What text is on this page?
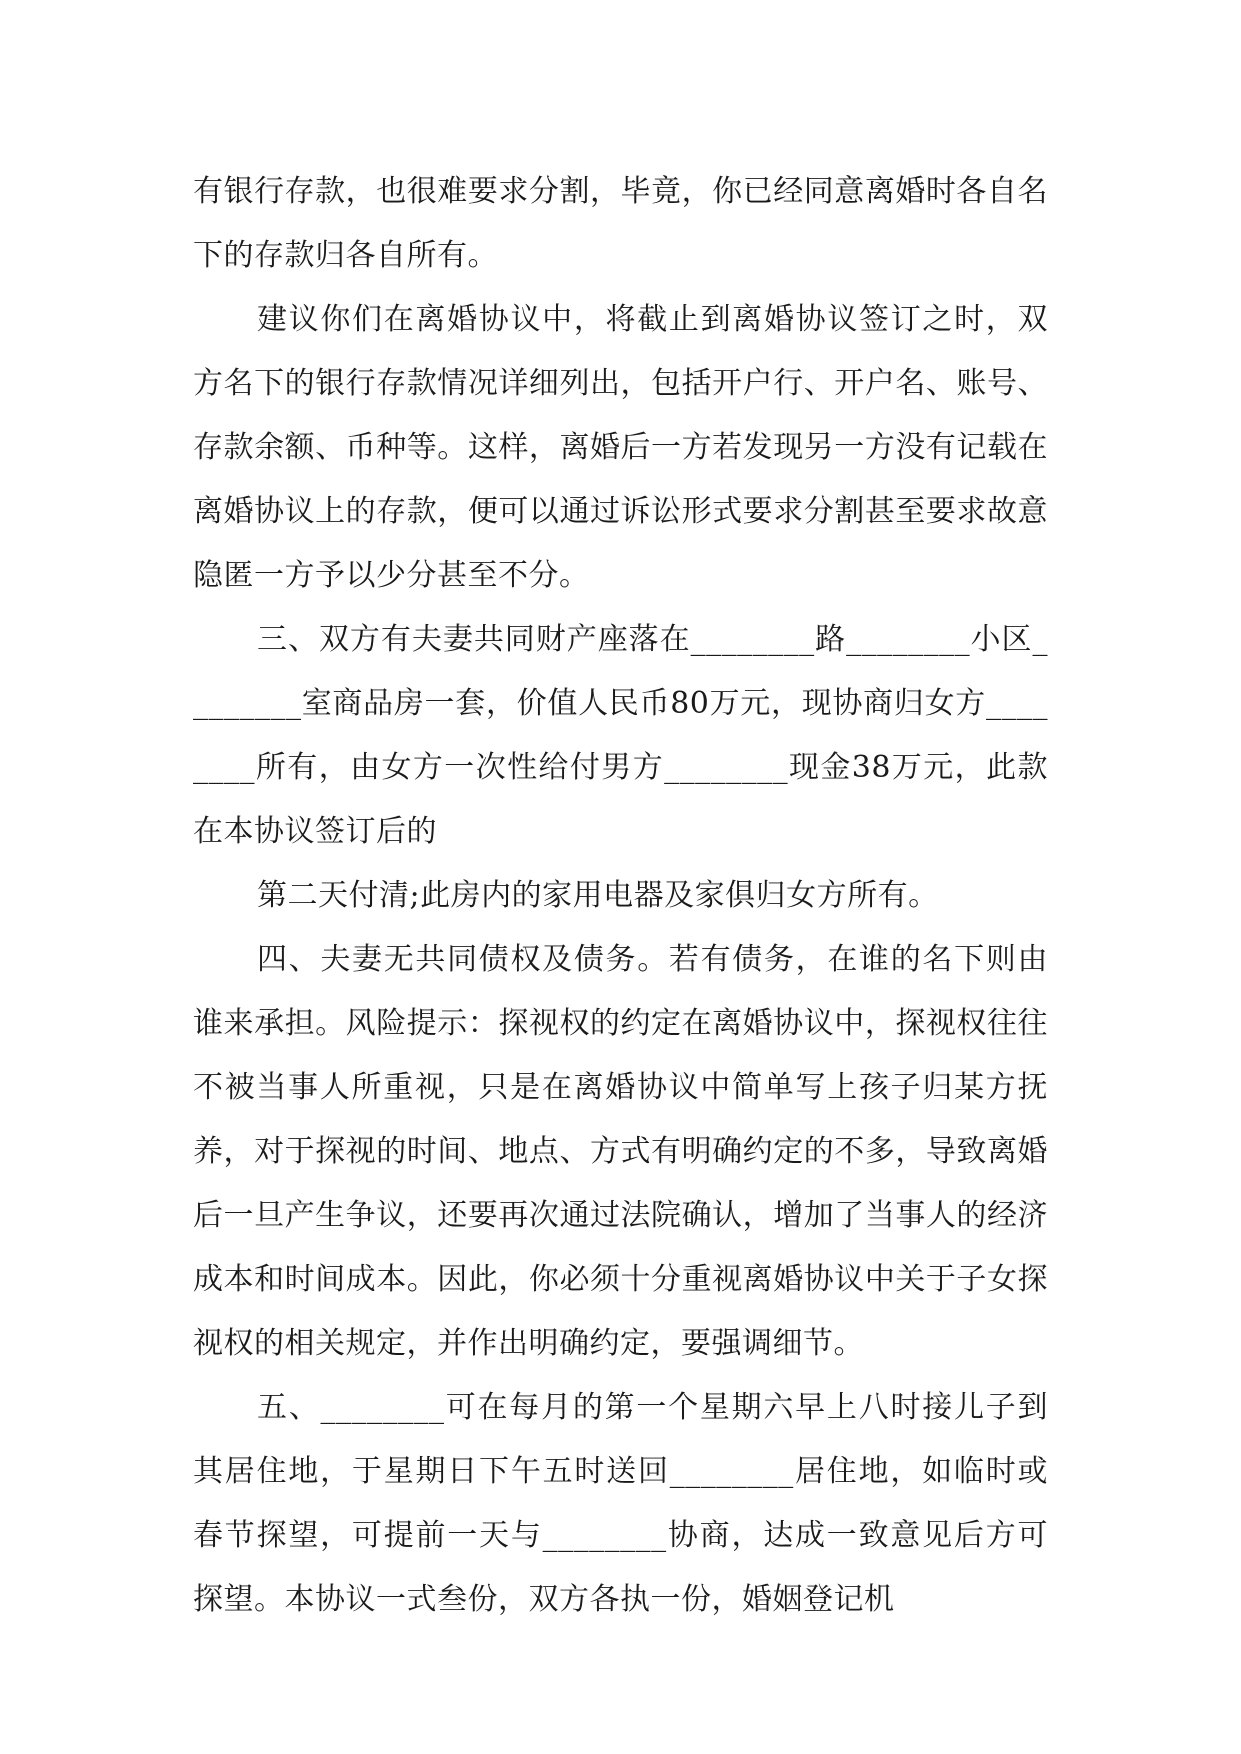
有银行存款，也很难要求分割，毕竟，你已经同意离婚时各自名下的存款归各自所有。

建议你们在离婚协议中，将截止到离婚协议签订之时，双方名下的银行存款情况详细列出，包括开户行、开户名、账号、存款余额、币种等。这样，离婚后一方若发现另一方没有记载在离婚协议上的存款，便可以通过诉讼形式要求分割甚至要求故意隐匿一方予以少分甚至不分。

三、双方有夫妻共同财产座落在________路________小区________室商品房一套，价值人民币80万元，现协商归女方________所有，由女方一次性给付男方________现金38万元，此款在本协议签订后的

第二天付清;此房内的家用电器及家俱归女方所有。

四、夫妻无共同债权及债务。若有债务，在谁的名下则由谁来承担。风险提示：探视权的约定在离婚协议中，探视权往往不被当事人所重视，只是在离婚协议中简单写上孩子归某方抚养，对于探视的时间、地点、方式有明确约定的不多，导致离婚后一旦产生争议，还要再次通过法院确认，增加了当事人的经济成本和时间成本。因此，你必须十分重视离婚协议中关于子女探视权的相关规定，并作出明确约定，要强调细节。

五、________可在每月的第一个星期六早上八时接儿子到其居住地，于星期日下午五时送回________居住地，如临时或春节探望，可提前一天与________协商，达成一致意见后方可探望。本协议一式叁份，双方各执一份，婚姻登记机
